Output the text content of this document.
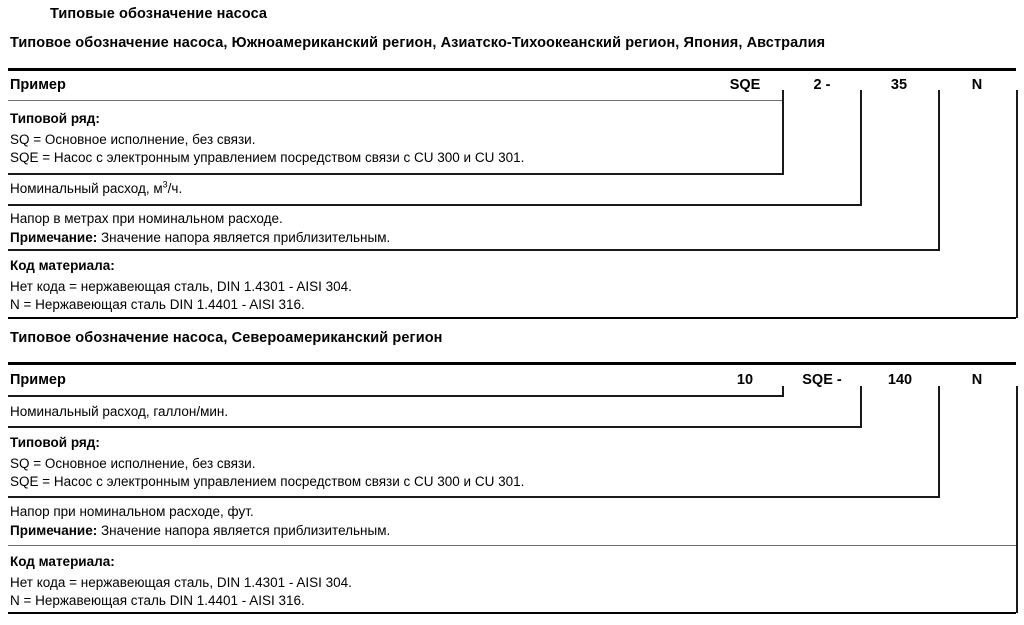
Типовые обозначение насоса
Типовое обозначение насоса, Южноамериканский регион, Азиатско-Тихоокеанский регион, Япония, Австралия
Пример	SQE	2 -	35	N
Типовой ряд:
SQ = Основное исполнение, без связи.
SQE = Насос с электронным управлением посредством связи с CU 300 и CU 301.
Номинальный расход, $м^3/ч$.
Напор в метрах при номинальном расходе.
Примечание: Значение напора является приблизительным.
Код материала:
Нет кода = нержавеющая сталь, DIN 1.4301 - AISI 304.
N = Нержавеющая сталь DIN 1.4401 - AISI 316.
Типовое обозначение насоса, Североамериканский регион
Пример	10	SQE -	140	N
Номинальный расход, галлон/мин.
Типовой ряд:
SQ = Основное исполнение, без связи.
SQE = Насос с электронным управлением посредством связи с CU 300 и CU 301.
Напор при номинальном расходе, фут.
Примечание: Значение напора является приблизительным.
Код материала:
Нет кода = нержавеющая сталь, DIN 1.4301 - AISI 304.
N = Нержавеющая сталь DIN 1.4401 - AISI 316.
